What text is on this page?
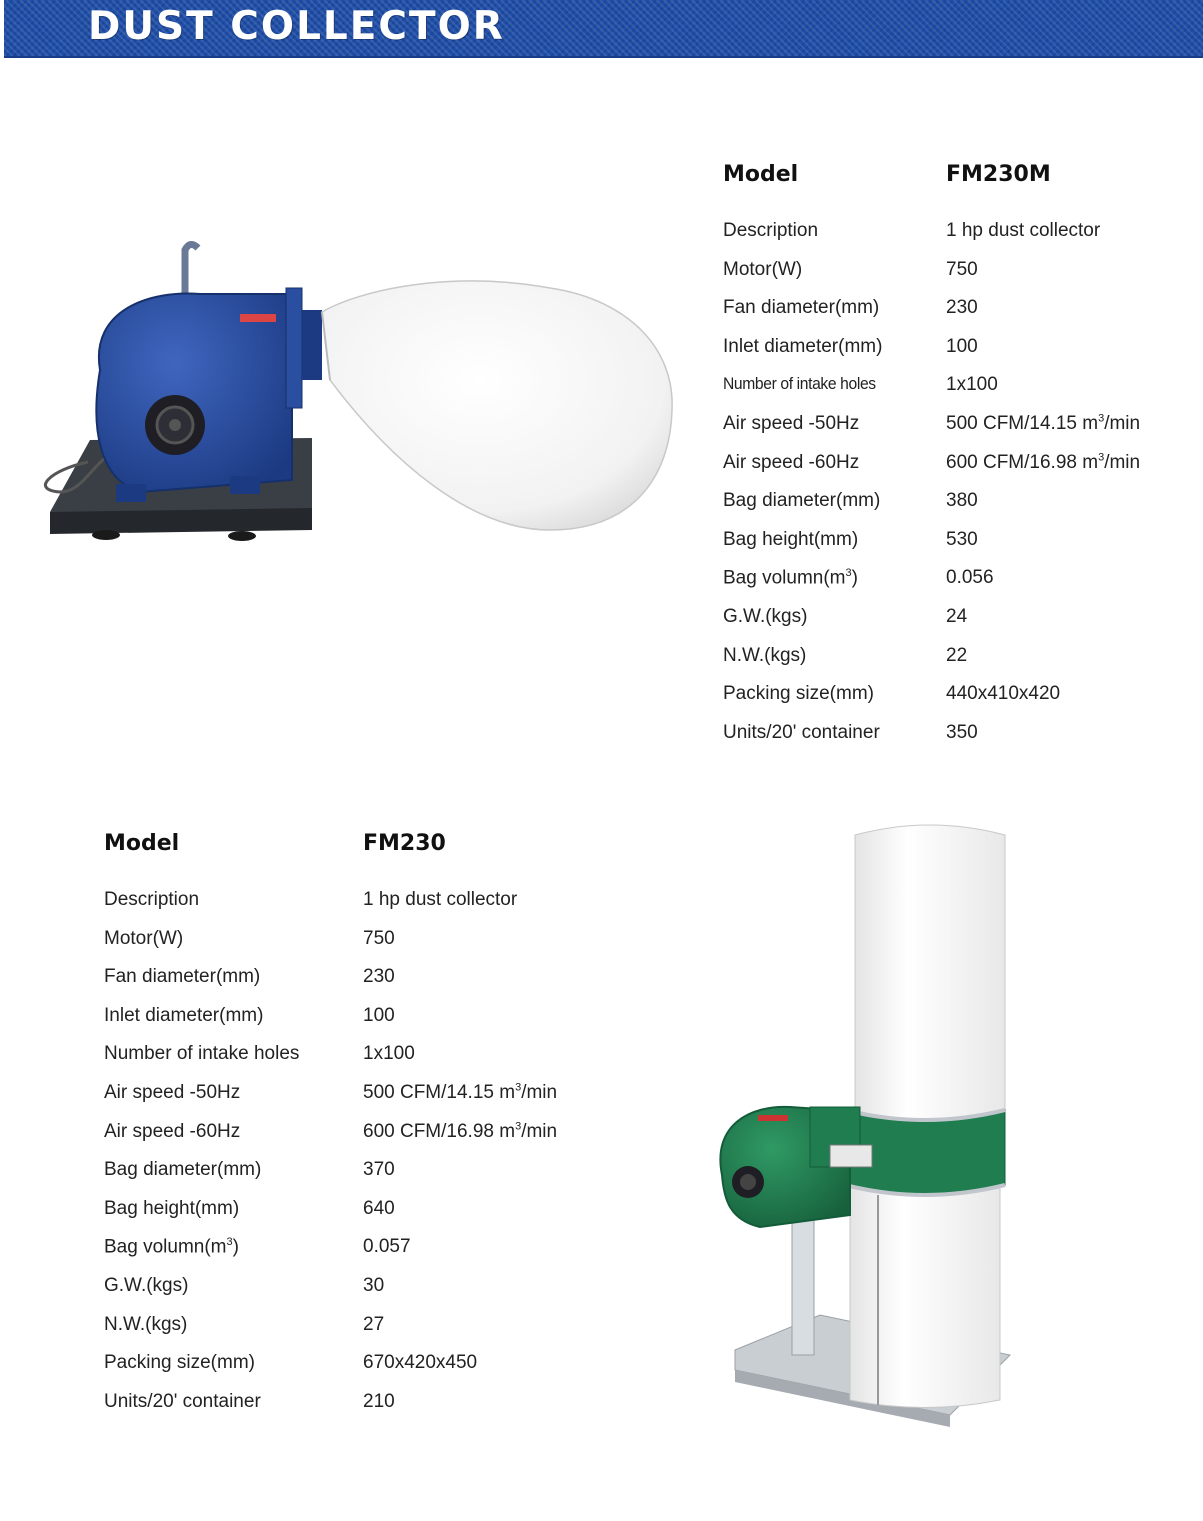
DUST COLLECTOR
Model	FM230M
Description	1 hp dust collector
Motor(W)	750
Fan diameter(mm)	230
Inlet diameter(mm)	100
Number of intake holes	1x100
Air speed -50Hz	500 CFM/14.15 $m^3/\min$
Air speed -60Hz	600 CFM/16.98 $m^3/\min$
Bag diameter(mm)	380
Bag height(mm)	530
Bag $volumn(m^3)$	0.056
G.W.(kgs)	24
N.W.(kgs)	22
Packing size(mm)	440x410x420
Units/20' container	350
Model	FM230
Description	1 hp dust collector
Motor(W)	750
Fan diameter(mm)	230
Inlet diameter(mm)	100
Number of intake holes	1x100
Air speed -50Hz	500 CFM/14.15 $m^3/\min$
Air speed -60Hz	600 CFM/16.98 $m^3/\min$
Bag diameter(mm)	370
Bag height(mm)	640
Bag $volumn(m^3)$	0.057
G.W.(kgs)	30
N.W.(kgs)	27
Packing size(mm)	670x420x450
Units/20' container	210
